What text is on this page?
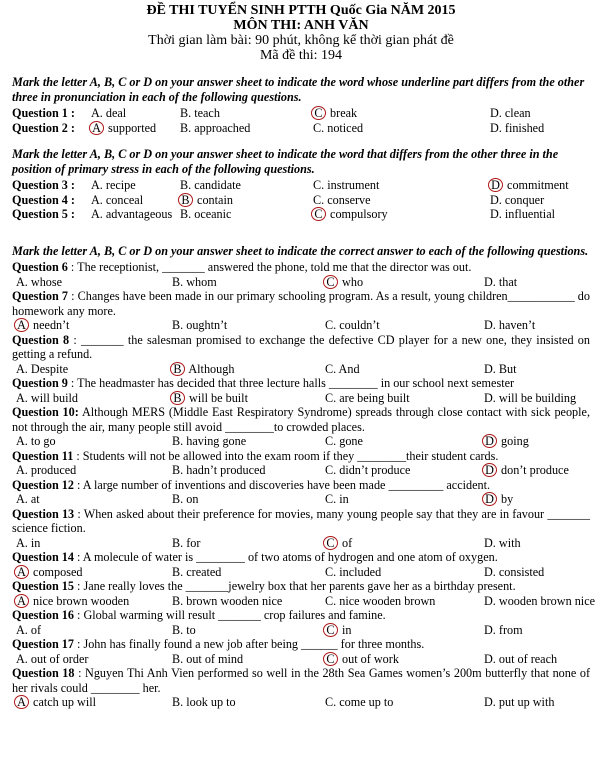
ĐỀ THI TUYỂN SINH PTTH Quốc Gia NĂM 2015
MÔN THI: ANH VĂN
Thời gian làm bài: 90 phút, không kể thời gian phát đề
Mã đề thi: 194
Mark the letter A, B, C or D on your answer sheet to indicate the word whose underline part differs from the other three in pronunciation in each of the following questions.
Question 1 : A. deal	B. teach	C break	D. clean
Question 2 : A supported B. approached	C. noticed	D. finished
Mark the letter A, B, C or D on your answer sheet to indicate the word that differs from the other three in the position of primary stress in each of the following questions.
Question 3 : A. recipe	B. candidate	C. instrument	D commitment
Question 4 : A. conceal	B contain	C. conserve	D. conquer
Question 5 : A. advantageous B. oceanic	C compulsory	D. influential
Mark the letter A, B, C or D on your answer sheet to indicate the correct answer to each of the following questions.
Question 6 : The receptionist, _______ answered the phone, told me that the director was out.
A. whose	B. whom	C who	D. that
Question 7 : Changes have been made in our primary schooling program. As a result, young children___________ do homework any more.
A needn’t	B. oughtn’t	C. couldn’t	D. haven’t
Question 8 : _______ the salesman promised to exchange the defective CD player for a new one, they insisted on getting a refund.
A. Despite	B Although	C. And	D. But
Question 9 : The headmaster has decided that three lecture halls ________ in our school next semester
A. will build	B will be built	C. are being built	D. will be building
Question 10: Although MERS (Middle East Respiratory Syndrome) spreads through close contact with sick people, not through the air, many people still avoid ________to crowded places.
A. to go	B. having gone	C. gone	D going
Question 11 : Students will not be allowed into the exam room if they ________their student cards.
A. produced	B. hadn’t produced	C. didn’t produce	D don’t produce
Question 12 : A large number of inventions and discoveries have been made _________ accident.
A. at	B. on	C. in	D by
Question 13 : When asked about their preference for movies, many young people say that they are in favour _______ science fiction.
A. in	B. for	C of	D. with
Question 14 : A molecule of water is ________ of two atoms of hydrogen and one atom of oxygen.
A composed	B. created	C. included	D. consisted
Question 15 : Jane really loves the _______jewelry box that her parents gave her as a birthday present.
A nice brown wooden	B. brown wooden nice	C. nice wooden brown	D. wooden brown nice
Question 16 : Global warming will result _______ crop failures and famine.
A. of	B. to	C in	D. from
Question 17 : John has finally found a new job after being ______ for three months.
A. out of order	B. out of mind	C out of work	D. out of reach
Question 18 : Nguyen Thi Anh Vien performed so well in the 28th Sea Games women’s 200m butterfly that none of her rivals could ________ her.
A catch up will	B. look up to	C. come up to	D. put up with
